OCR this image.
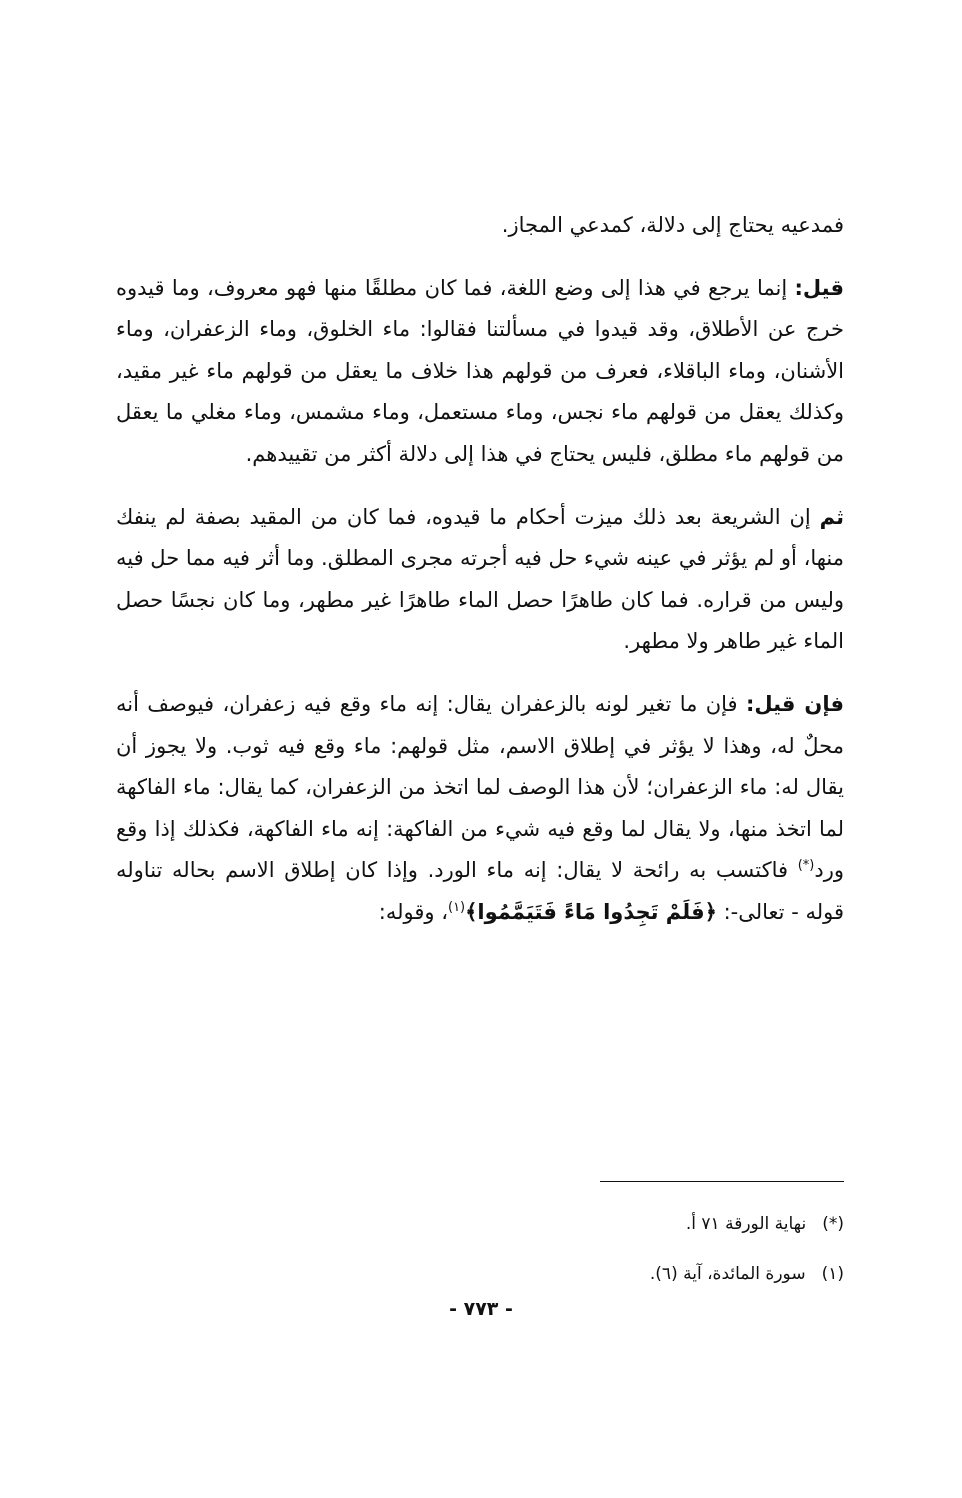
فمدعيه يحتاج إلى دلالة، كمدعي المجاز.

قيل: إنما يرجع في هذا إلى وضع اللغة، فما كان مطلقًا منها فهو معروف، وما قيدوه خرج عن الأطلاق، وقد قيدوا في مسألتنا فقالوا: ماء الخلوق، وماء الزعفران، وماء الأشنان، وماء الباقلاء، فعرف من قولهم هذا خلاف ما يعقل من قولهم ماء غير مقيد، وكذلك يعقل من قولهم ماء نجس، وماء مستعمل، وماء مشمس، وماء مغلي ما يعقل من قولهم ماء مطلق، فليس يحتاج في هذا إلى دلالة أكثر من تقييدهم.

ثم إن الشريعة بعد ذلك ميزت أحكام ما قيدوه، فما كان من المقيد بصفة لم ينفك منها، أو لم يؤثر في عينه شيء حل فيه أجرته مجرى المطلق. وما أثر فيه مما حل فيه وليس من قراره. فما كان طاهرًا حصل الماء طاهرًا غير مطهر، وما كان نجسًا حصل الماء غير طاهر ولا مطهر.

فإن قيل: فإن ما تغير لونه بالزعفران يقال: إنه ماء وقع فيه زعفران، فيوصف أنه محلٌ له، وهذا لا يؤثر في إطلاق الاسم، مثل قولهم: ماء وقع فيه ثوب. ولا يجوز أن يقال له: ماء الزعفران؛ لأن هذا الوصف لما اتخذ من الزعفران، كما يقال: ماء الفاكهة لما اتخذ منها، ولا يقال لما وقع فيه شيء من الفاكهة: إنه ماء الفاكهة، فكذلك إذا وقع ورد(*) فاكتسب به رائحة لا يقال: إنه ماء الورد. وإذا كان إطلاق الاسم بحاله تناوله قوله - تعالى-: ﴿فَلَمْ تَجِدُوا مَاءً فَتَيَمَّمُوا﴾$^{(١)}$، وقوله:

(*)نهاية الورقة ٧١ أ.

(١)سورة المائدة، آية (٦).

- ٧٧٣ -
